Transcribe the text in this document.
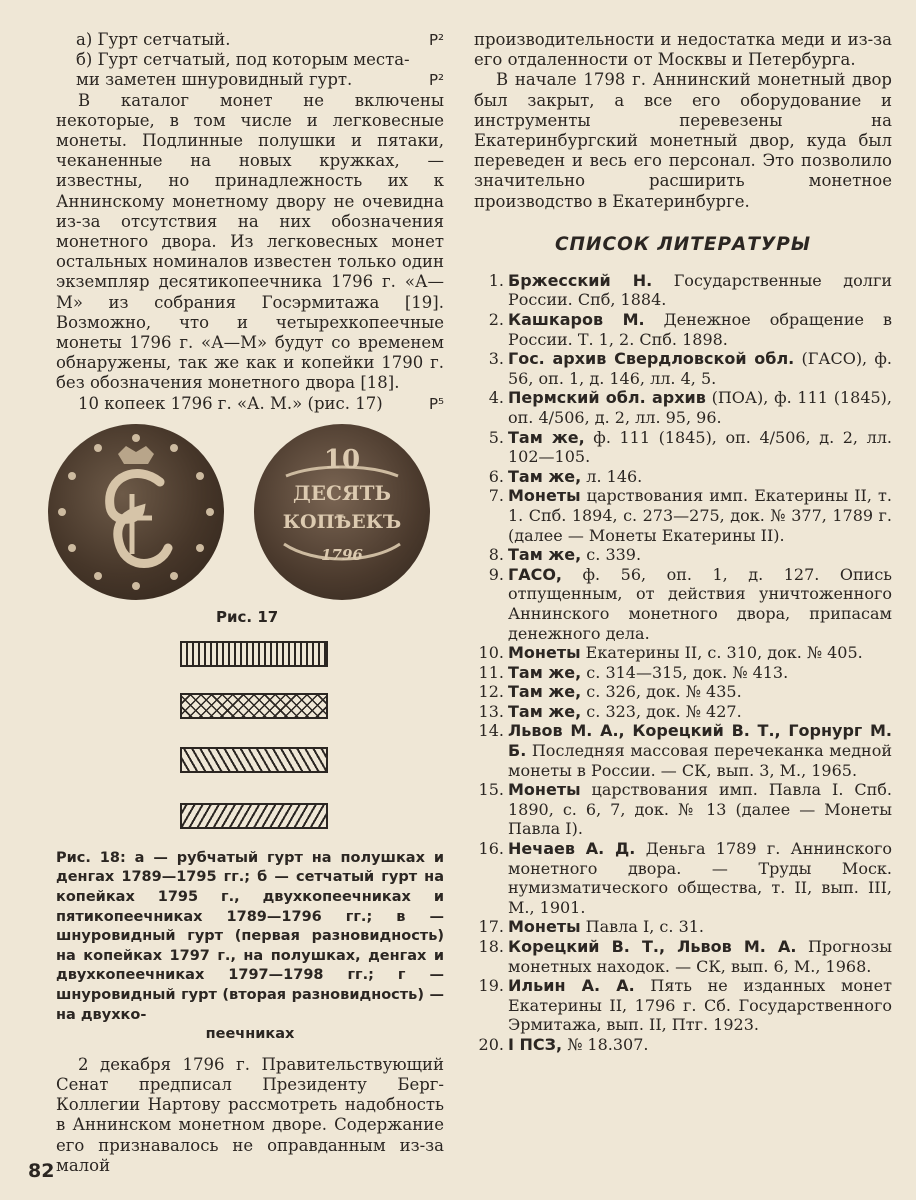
а) Гурт сетчатый.	P²
б) Гурт сетчатый, под которым места-ми заметен шнуровидный гурт.	P²

В каталог монет не включены некоторые, в том числе и легковесные монеты. Подлинные полушки и пятаки, чеканенные на новых кружках, — известны, но принадлежность их к Аннинскому монетному двору не очевидна из-за отсутствия на них обозначения монетного двора. Из легковесных монет остальных номиналов известен только один экземпляр десятикопеечника 1796 г. «А—М» из собрания Госэрмитажа [19]. Возможно, что и четырехкопеечные монеты 1796 г. «А—М» будут со временем обнаружены, так же как и копейки 1790 г. без обозначения монетного двора [18].

10 копеек 1796 г. «А. М.» (рис. 17)	P⁵
10
ДЕСЯТЬ
КОПѢЕКЪ
1796
Рис. 17
Рис. 18: а — рубчатый гурт на полушках и денгах 1789—1795 гг.; б — сетчатый гурт на копейках 1795 г., двухкопеечниках и пятикопеечниках 1789—1796 гг.; в — шнуровидный гурт (первая разновидность) на копейках 1797 г., на полушках, денгах и двухкопеечниках 1797—1798 гг.; г — шнуровидный гурт (вторая разновидность) — на двухко-
пеечниках

2 декабря 1796 г. Правительствующий Сенат предписал Президенту Берг-Коллегии Нартову рассмотреть надобность в Аннинском монетном дворе. Содержание его признавалось не оправданным из-за малой

производительности и недостатка меди и из-за его отдаленности от Москвы и Петербурга.

В начале 1798 г. Аннинский монетный двор был закрыт, а все его оборудование и инструменты перевезены на Екатеринбургский монетный двор, куда был переведен и весь его персонал. Это позволило значительно расширить монетное производство в Екатеринбурге.

СПИСОК ЛИТЕРАТУРЫ
1. Бржесский Н. Государственные долги России. Спб, 1884.
2. Кашкаров М. Денежное обращение в России. Т. 1, 2. Спб. 1898.
3. Гос. архив Свердловской обл. (ГАСО), ф. 56, оп. 1, д. 146, лл. 4, 5.
4. Пермский обл. архив (ПОА), ф. 111 (1845), оп. 4/506, д. 2, лл. 95, 96.
5. Там же, ф. 111 (1845), оп. 4/506, д. 2, лл. 102—105.
6. Там же, л. 146.
7. Монеты царствования имп. Екатерины II, т. 1. Спб. 1894, с. 273—275, док. № 377, 1789 г. (далее — Монеты Екатерины II).
8. Там же, с. 339.
9. ГАСО, ф. 56, оп. 1, д. 127. Опись отпущенным, от действия уничтоженного Аннинского монетного двора, припасам денежного дела.
10. Монеты Екатерины II, с. 310, док. № 405.
11. Там же, с. 314—315, док. № 413.
12. Там же, с. 326, док. № 435.
13. Там же, с. 323, док. № 427.
14. Львов М. А., Корецкий В. Т., Горнург М. Б. Последняя массовая перечеканка медной монеты в России. — СК, вып. 3, М., 1965.
15. Монеты царствования имп. Павла I. Спб. 1890, с. 6, 7, док. № 13 (далее — Монеты Павла I).
16. Нечаев А. Д. Деньга 1789 г. Аннинского монетного двора. — Труды Моск. нумизматического общества, т. II, вып. III, М., 1901.
17. Монеты Павла I, с. 31.
18. Корецкий В. Т., Львов М. А. Прогнозы монетных находок. — СК, вып. 6, М., 1968.
19. Ильин А. А. Пять не изданных монет Екатерины II, 1796 г. Сб. Государственного Эрмитажа, вып. II, Птг. 1923.
20. I ПСЗ, № 18.307.
82
